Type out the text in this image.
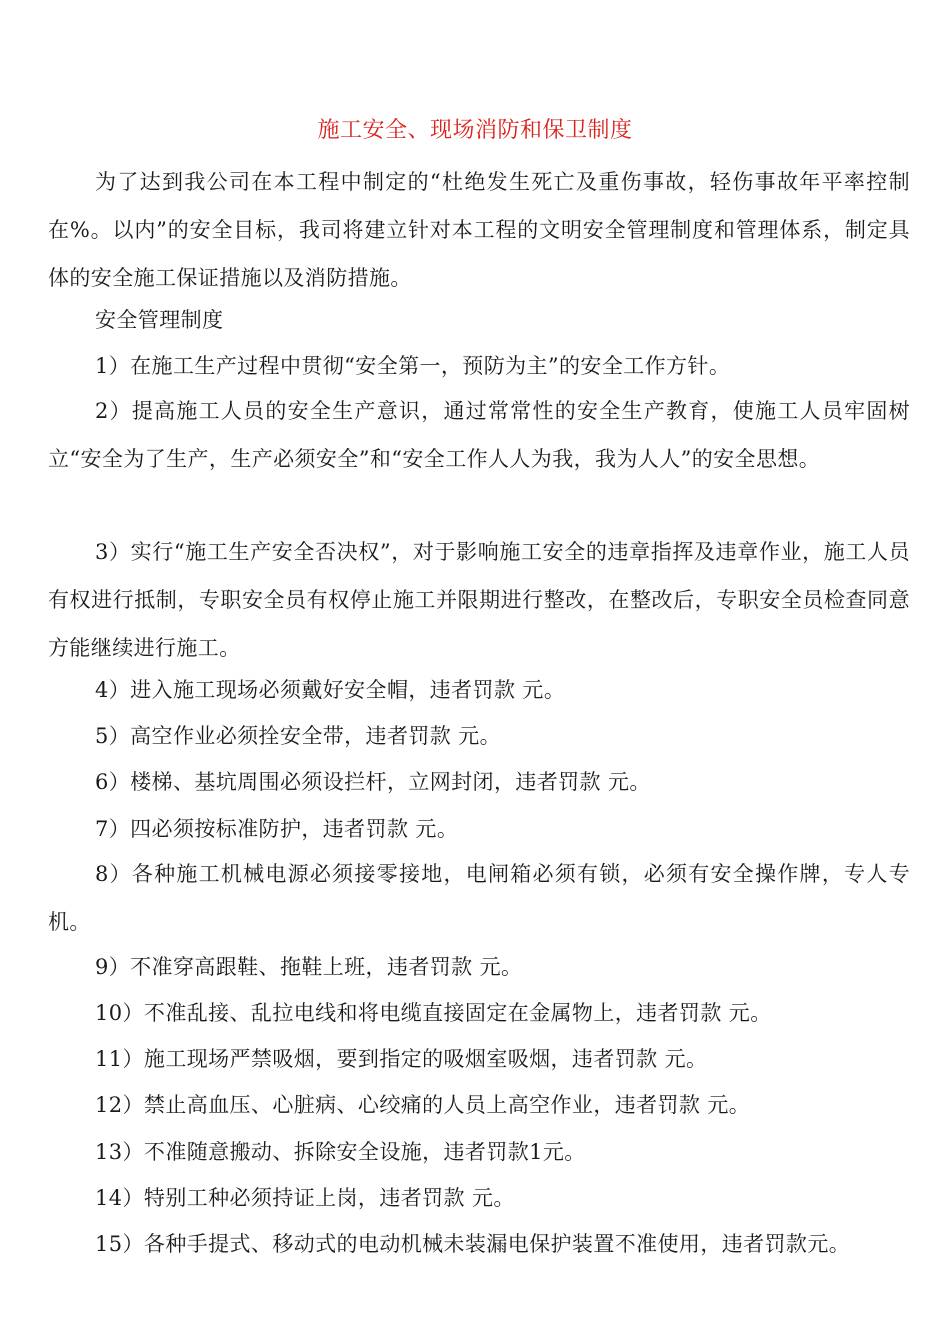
施工安全、现场消防和保卫制度

为了达到我公司在本工程中制定的“杜绝发生死亡及重伤事故，轻伤事故年平率控制在%。以内”的安全目标，我司将建立针对本工程的文明安全管理制度和管理体系，制定具体的安全施工保证措施以及消防措施。

安全管理制度

1）在施工生产过程中贯彻“安全第一，预防为主”的安全工作方针。

2）提高施工人员的安全生产意识，通过常常性的安全生产教育，使施工人员牢固树立“安全为了生产，生产必须安全”和“安全工作人人为我，我为人人”的安全思想。

3）实行“施工生产安全否决权”，对于影响施工安全的违章指挥及违章作业，施工人员有权进行抵制，专职安全员有权停止施工并限期进行整改，在整改后，专职安全员检查同意方能继续进行施工。

4）进入施工现场必须戴好安全帽，违者罚款 元。

5）高空作业必须拴安全带，违者罚款 元。

6）楼梯、基坑周围必须设拦杆，立网封闭，违者罚款 元。

7）四必须按标准防护，违者罚款 元。

8）各种施工机械电源必须接零接地，电闸箱必须有锁，必须有安全操作牌，专人专机。

9）不准穿高跟鞋、拖鞋上班，违者罚款 元。

10）不准乱接、乱拉电线和将电缆直接固定在金属物上，违者罚款 元。

11）施工现场严禁吸烟，要到指定的吸烟室吸烟，违者罚款 元。

12）禁止高血压、心脏病、心绞痛的人员上高空作业，违者罚款 元。

13）不准随意搬动、拆除安全设施，违者罚款1元。

14）特别工种必须持证上岗，违者罚款 元。

15）各种手提式、移动式的电动机械未装漏电保护装置不准使用，违者罚款元。
